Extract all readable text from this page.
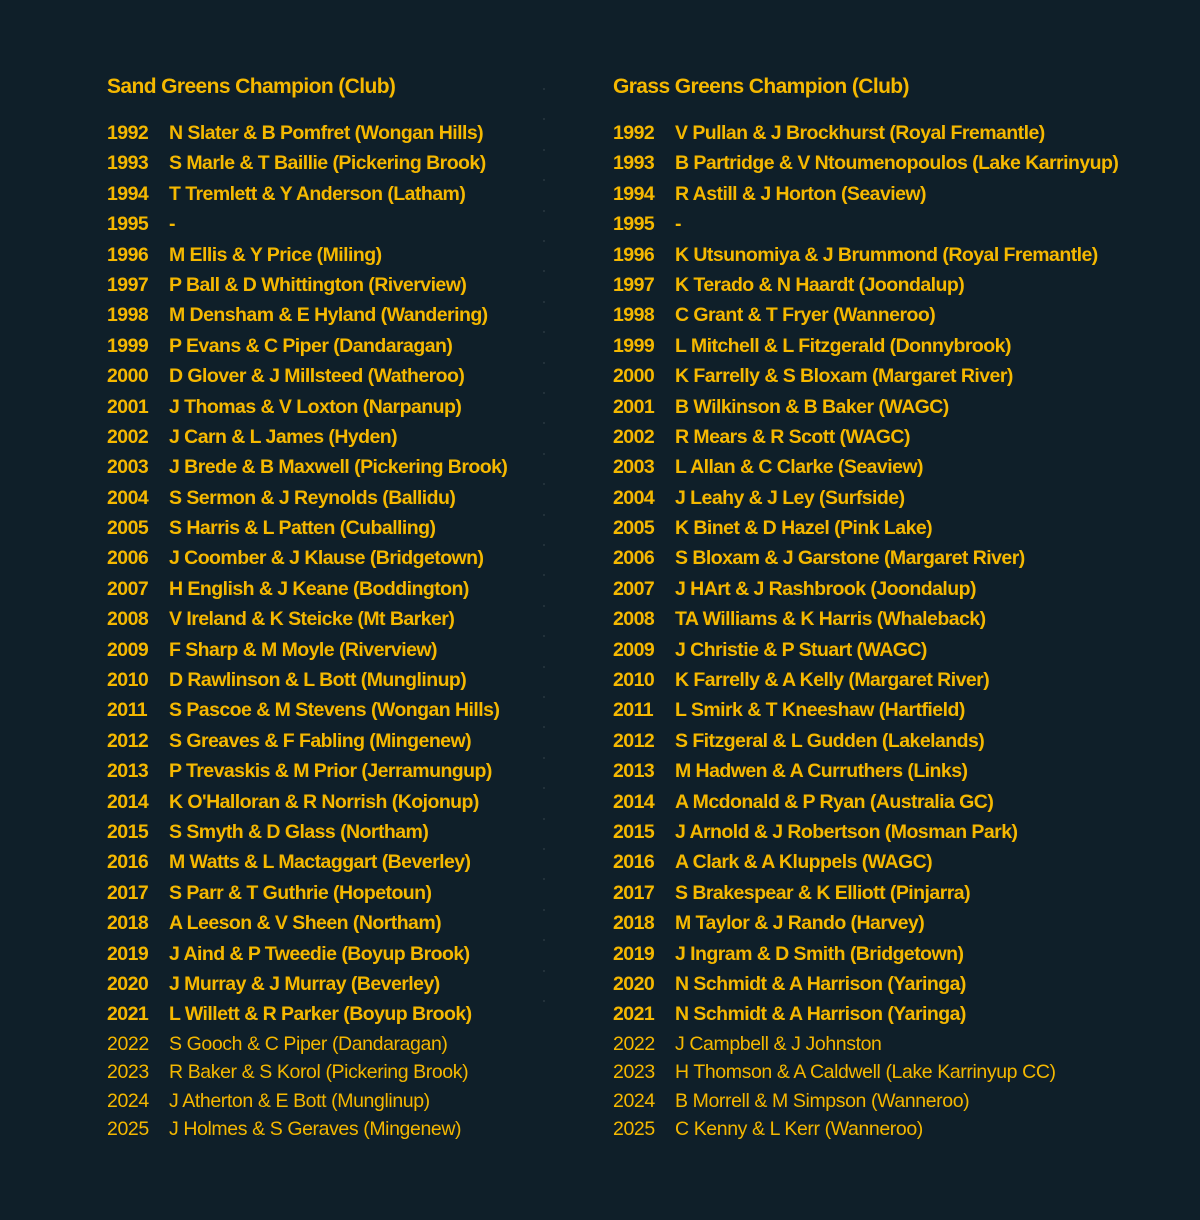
Sand Greens Champion (Club)
1992	N Slater & B Pomfret (Wongan Hills)
1993	S Marle & T Baillie (Pickering Brook)
1994	T Tremlett & Y Anderson (Latham)
1995	-
1996	M Ellis & Y Price (Miling)
1997	P Ball & D Whittington (Riverview)
1998	M Densham & E Hyland (Wandering)
1999	P Evans & C Piper (Dandaragan)
2000	D Glover & J Millsteed (Watheroo)
2001	J Thomas & V Loxton (Narpanup)
2002	J Carn & L James (Hyden)
2003	J Brede & B Maxwell (Pickering Brook)
2004	S Sermon & J Reynolds (Ballidu)
2005	S Harris & L Patten (Cuballing)
2006	J Coomber & J Klause (Bridgetown)
2007	H English & J Keane (Boddington)
2008	V Ireland & K Steicke (Mt Barker)
2009	F Sharp & M Moyle (Riverview)
2010	D Rawlinson & L Bott (Munglinup)
2011	S Pascoe & M Stevens (Wongan Hills)
2012	S Greaves & F Fabling (Mingenew)
2013	P Trevaskis & M Prior (Jerramungup)
2014	K O'Halloran & R Norrish (Kojonup)
2015	S Smyth & D Glass (Northam)
2016	M Watts & L Mactaggart (Beverley)
2017	S Parr & T Guthrie (Hopetoun)
2018	A Leeson & V Sheen (Northam)
2019	J Aind & P Tweedie (Boyup Brook)
2020	J Murray & J Murray (Beverley)
2021	L Willett & R Parker (Boyup Brook)
2022	S Gooch & C Piper (Dandaragan)
2023	R Baker & S Korol (Pickering Brook)
2024	J Atherton & E Bott (Munglinup)
2025	J Holmes & S Geraves (Mingenew)
Grass Greens Champion (Club)
1992	V Pullan & J Brockhurst (Royal Fremantle)
1993	B Partridge & V Ntoumenopoulos (Lake Karrinyup)
1994	R Astill & J Horton (Seaview)
1995	-
1996	K Utsunomiya & J Brummond (Royal Fremantle)
1997	K Terado & N Haardt (Joondalup)
1998	C Grant & T Fryer (Wanneroo)
1999	L Mitchell & L Fitzgerald (Donnybrook)
2000	K Farrelly & S Bloxam (Margaret River)
2001	B Wilkinson & B Baker (WAGC)
2002	R Mears & R Scott (WAGC)
2003	L Allan & C Clarke (Seaview)
2004	J Leahy & J Ley (Surfside)
2005	K Binet & D Hazel (Pink Lake)
2006	S Bloxam & J Garstone (Margaret River)
2007	J HArt & J Rashbrook (Joondalup)
2008	TA Williams & K Harris (Whaleback)
2009	J Christie & P Stuart (WAGC)
2010	K Farrelly & A Kelly (Margaret River)
2011	L Smirk & T Kneeshaw (Hartfield)
2012	S Fitzgeral & L Gudden (Lakelands)
2013	M Hadwen & A Curruthers (Links)
2014	A Mcdonald & P Ryan (Australia GC)
2015	J Arnold & J Robertson (Mosman Park)
2016	A Clark & A Kluppels (WAGC)
2017	S Brakespear & K Elliott (Pinjarra)
2018	M Taylor & J Rando (Harvey)
2019	J Ingram & D Smith (Bridgetown)
2020	N Schmidt & A Harrison (Yaringa)
2021	N Schmidt & A Harrison (Yaringa)
2022	J Campbell & J Johnston
2023	H Thomson & A Caldwell (Lake Karrinyup CC)
2024	B Morrell & M Simpson (Wanneroo)
2025	C Kenny & L Kerr (Wanneroo)
